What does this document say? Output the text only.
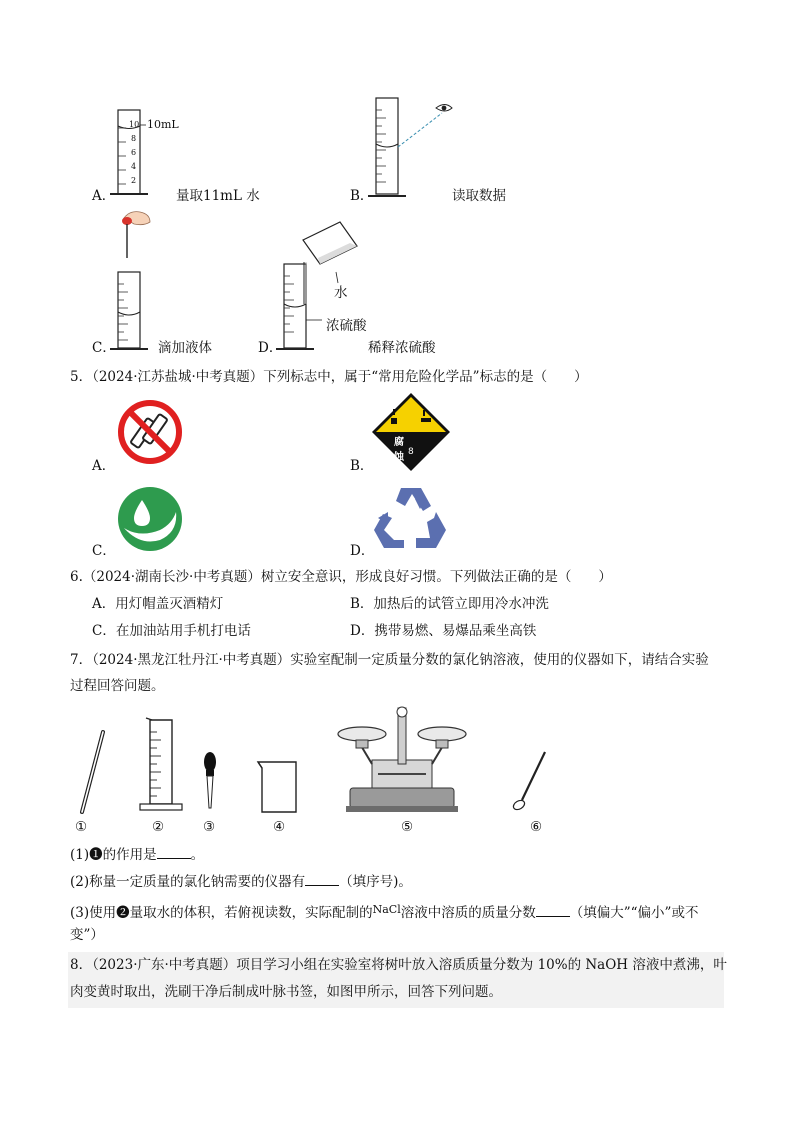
10
8
6
4
2
10mL
A．	量取11mL 水	B．	读取数据
C．	滴加液体
水
浓硫酸
D．	稀释浓硫酸
5．（2024·江苏盐城·中考真题）下列标志中，属于“常用危险化学品”标志的是（　　）
A．
腐蚀品
8
B．
C．	D．
6.（2024·湖南长沙·中考真题）树立安全意识，形成良好习惯。下列做法正确的是（　　）
A．用灯帽盖灭酒精灯	B．加热后的试管立即用冷水冲洗
C．在加油站用手机打电话	D．携带易燃、易爆品乘坐高铁
7．（2024·黑龙江牡丹江·中考真题）实验室配制一定质量分数的氯化钠溶液，使用的仪器如下，请结合实验
过程回答问题。
①	②	③	④	⑤	⑥
(1)❶的作用是	。
(2)称量一定质量的氯化钠需要的仪器有	（填序号)。
(3)使用❷量取水的体积，若俯视读数，实际配制的$^{NaCl}$溶液中溶质的质量分数	（填偏大”“偏小”或不
变”）
8．（2023·广东·中考真题）项目学习小组在实验室将树叶放入溶质质量分数为 10%的 NaOH 溶液中煮沸，叶
肉变黄时取出，洗刷干净后制成叶脉书签，如图甲所示，回答下列问题。
